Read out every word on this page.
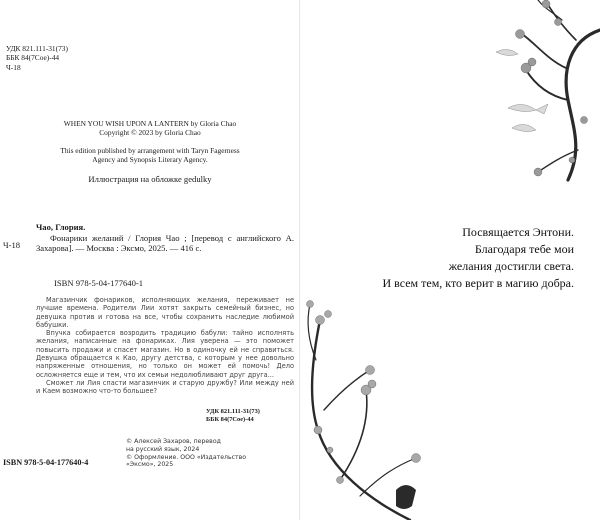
УДК 821.111-31(73)
ББК 84(7Сое)-44
Ч-18
WHEN YOU WISH UPON A LANTERN by Gloria Chao
Copyright © 2023 by Gloria Chao
This edition published by arrangement with Taryn Fagerness
Agency and Synopsis Literary Agency.
Иллюстрация на обложке gedulky
Ч-18
Чао, Глория.
Фонарики желаний / Глория Чао ; [перевод с английского А. Захарова]. — Москва : Эксмо, 2025. — 416 с.
ISBN 978-5-04-177640-1

Магазинчик фонариков, исполняющих желания, переживает не лучшие времена. Родители Лии хотят закрыть семейный бизнес, но девушка против и готова на все, чтобы сохранить наследие любимой бабушки.

Впучка собирается возродить традицию бабули: тайно исполнять желания, написанные на фонариках. Лия уверена — это поможет повысить продажи и спасет магазин. Но в одиночку ей не справиться. Девушка обращается к Као, другу детства, с которым у нее довольно напряженные отношения, но только он может ей помочь! Дело осложняется еще и тем, что их семьи недолюбливают друг друга...

Сможет ли Лия спасти магазинчик и старую дружбу? Или между ней и Каем возможно что-то большее?

УДК 821.111-31(73)
ББК 84(7Сое)-44
© Алексей Захаров, перевод
на русский язык, 2024
© Оформление. ООО «Издательство
«Эксмо», 2025
ISBN 978-5-04-177640-4
Посвящается Энтони.
Благодаря тебе мои
желания достигли света.
И всем тем, кто верит в магию добра.
